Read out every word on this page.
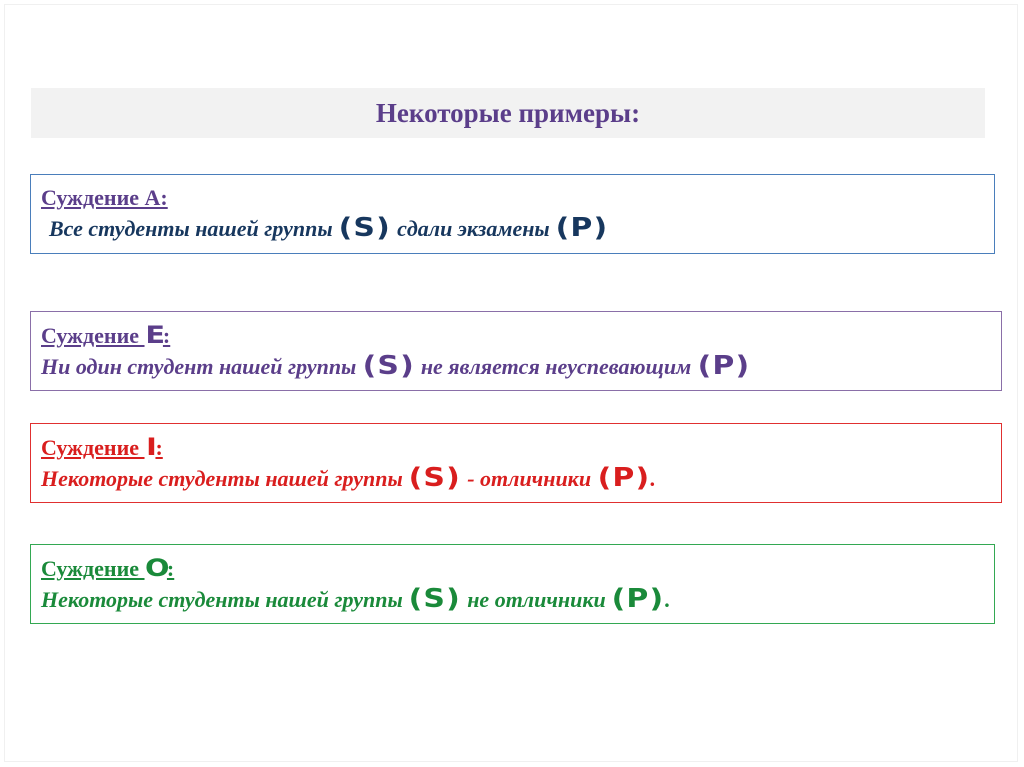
Некоторые примеры:
Суждение А:
Все студенты нашей группы (S) сдали экзамены (P)
Суждение E:
Ни один студент нашей группы (S) не является неуспевающим (P)
Суждение I:
Некоторые студенты нашей группы (S) - отличники (P).
Суждение O:
Некоторые студенты нашей группы (S) не отличники (P).
